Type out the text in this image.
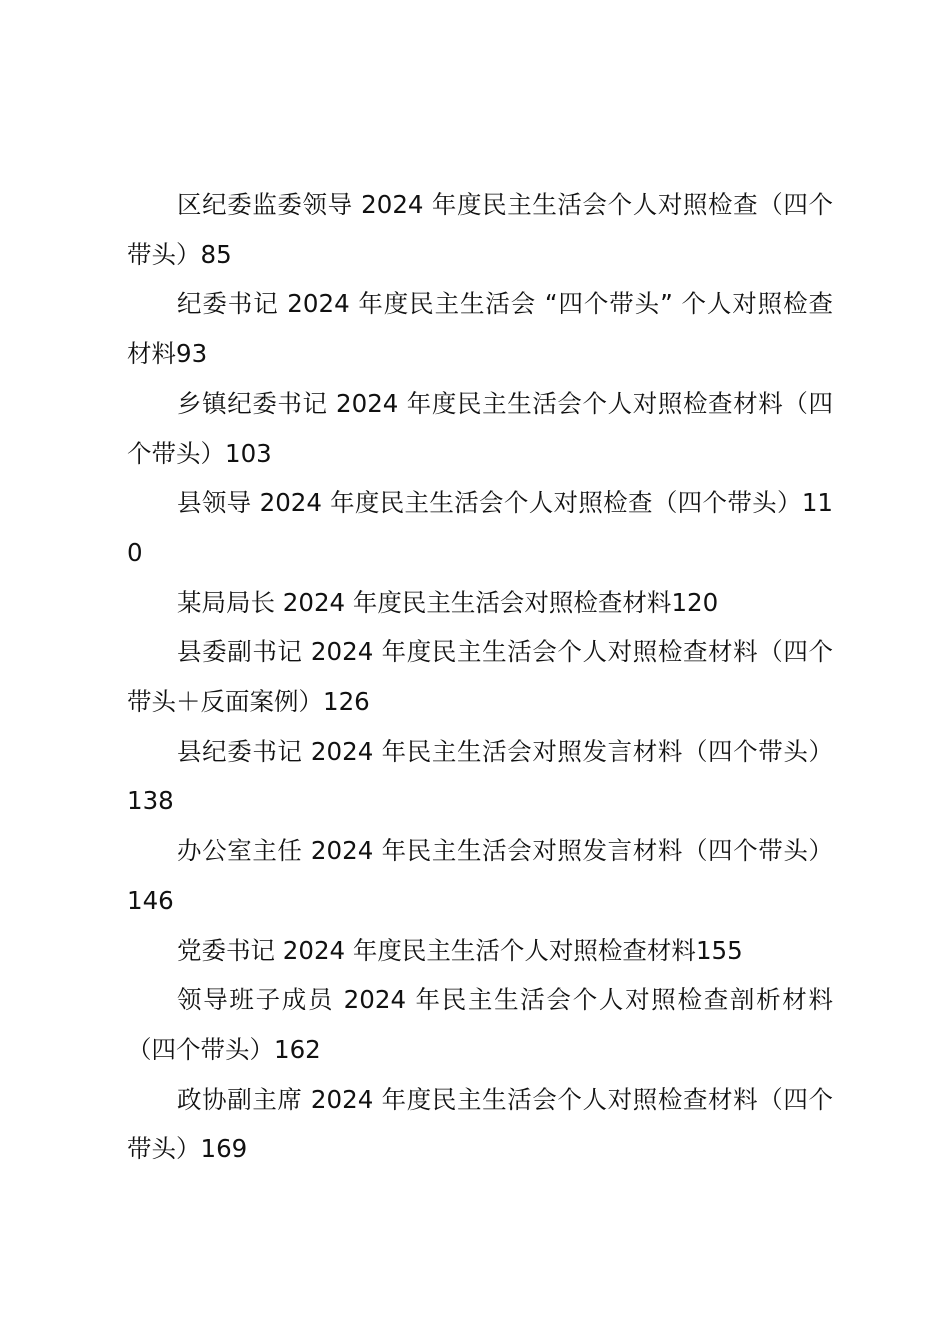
区纪委监委领导 2024 年度民主生活会个人对照检查（四个带头）85

纪委书记 2024 年度民主生活会 “四个带头” 个人对照检查材料93

乡镇纪委书记 2024 年度民主生活会个人对照检查材料（四个带头）103

县领导 2024 年度民主生活会个人对照检查（四个带头）110

某局局长 2024 年度民主生活会对照检查材料120

县委副书记 2024 年度民主生活会个人对照检查材料（四个带头＋反面案例）126

县纪委书记 2024 年民主生活会对照发言材料（四个带头）138

办公室主任 2024 年民主生活会对照发言材料（四个带头）146

党委书记 2024 年度民主生活个人对照检查材料155

领导班子成员 2024 年民主生活会个人对照检查剖析材料（四个带头）162

政协副主席 2024 年度民主生活会个人对照检查材料（四个带头）169
